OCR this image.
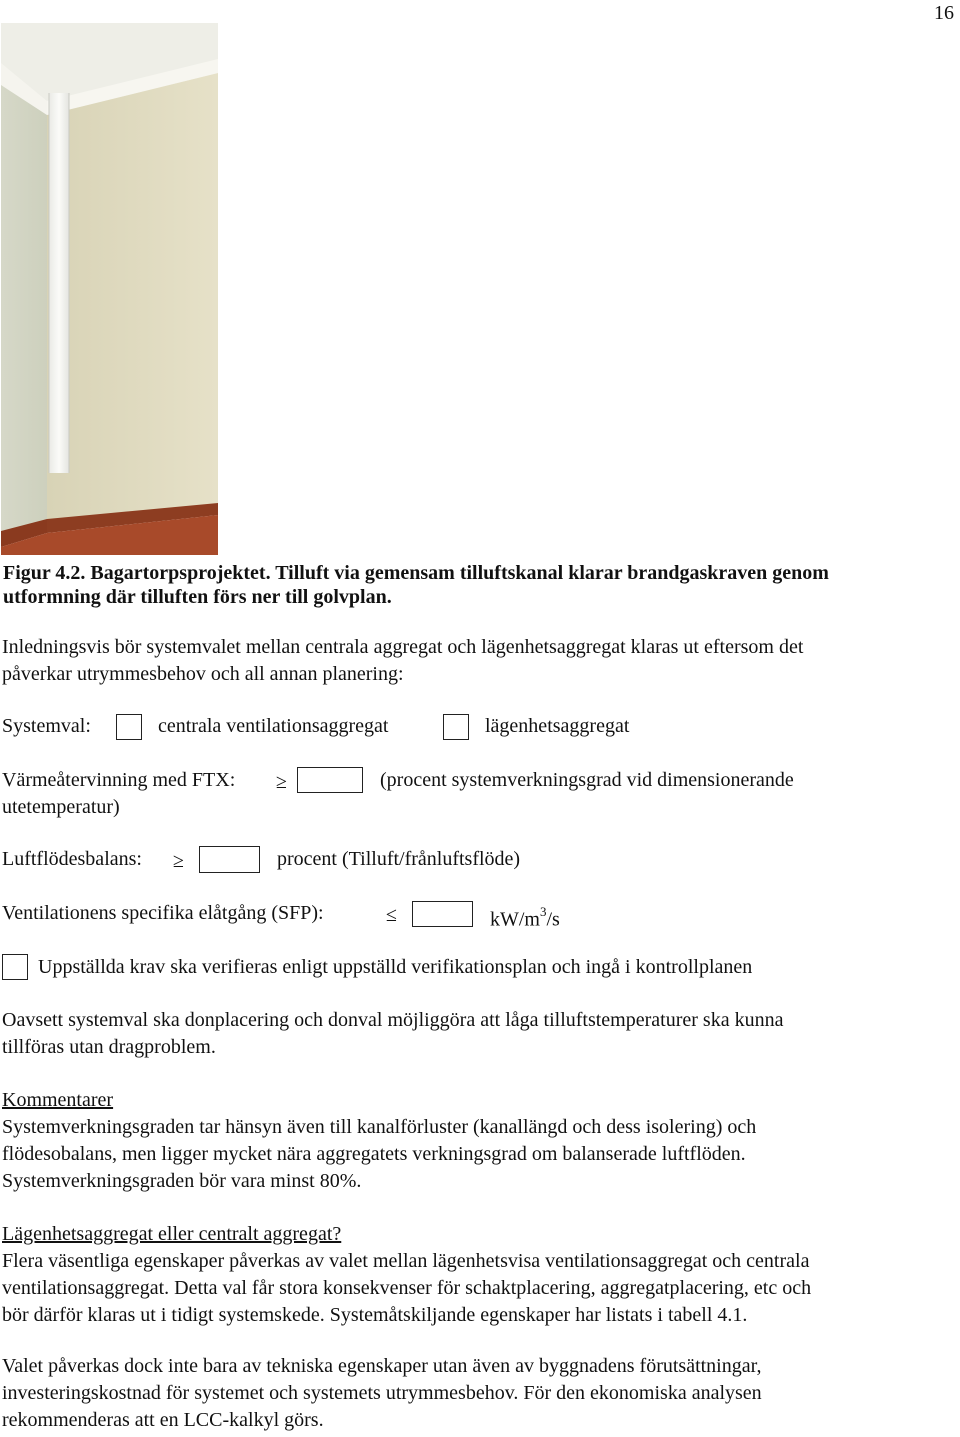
16
Figur 4.2. Bagartorpsprojektet. Tilluft via gemensam tilluftskanal klarar brandgaskraven genom
utformning där tilluften förs ner till golvplan.
Inledningsvis bör systemvalet mellan centrala aggregat och lägenhetsaggregat klaras ut eftersom det
påverkar utrymmesbehov och all annan planering:
Systemval:	centrala ventilationsaggregat	lägenhetsaggregat
Värmeåtervinning med FTX: ≥	(procent systemverkningsgrad vid dimensionerande
utetemperatur)
Luftflödesbalans: ≥	procent (Tilluft/frånluftsflöde)
Ventilationens specifika elåtgång (SFP):	≤	$kW/m^3/s$
Uppställda krav ska verifieras enligt uppställd verifikationsplan och ingå i kontrollplanen
Oavsett systemval ska donplacering och donval möjliggöra att låga tilluftstemperaturer ska kunna
tillföras utan dragproblem.
Kommentarer
Systemverkningsgraden tar hänsyn även till kanalförluster (kanallängd och dess isolering) och
flödesobalans, men ligger mycket nära aggregatets verkningsgrad om balanserade luftflöden.
Systemverkningsgraden bör vara minst 80%.
Lägenhetsaggregat eller centralt aggregat?
Flera väsentliga egenskaper påverkas av valet mellan lägenhetsvisa ventilationsaggregat och centrala
ventilationsaggregat. Detta val får stora konsekvenser för schaktplacering, aggregatplacering, etc och
bör därför klaras ut i tidigt systemskede. Systemåtskiljande egenskaper har listats i tabell 4.1.
Valet påverkas dock inte bara av tekniska egenskaper utan även av byggnadens förutsättningar,
investeringskostnad för systemet och systemets utrymmesbehov. För den ekonomiska analysen
rekommenderas att en LCC-kalkyl görs.
